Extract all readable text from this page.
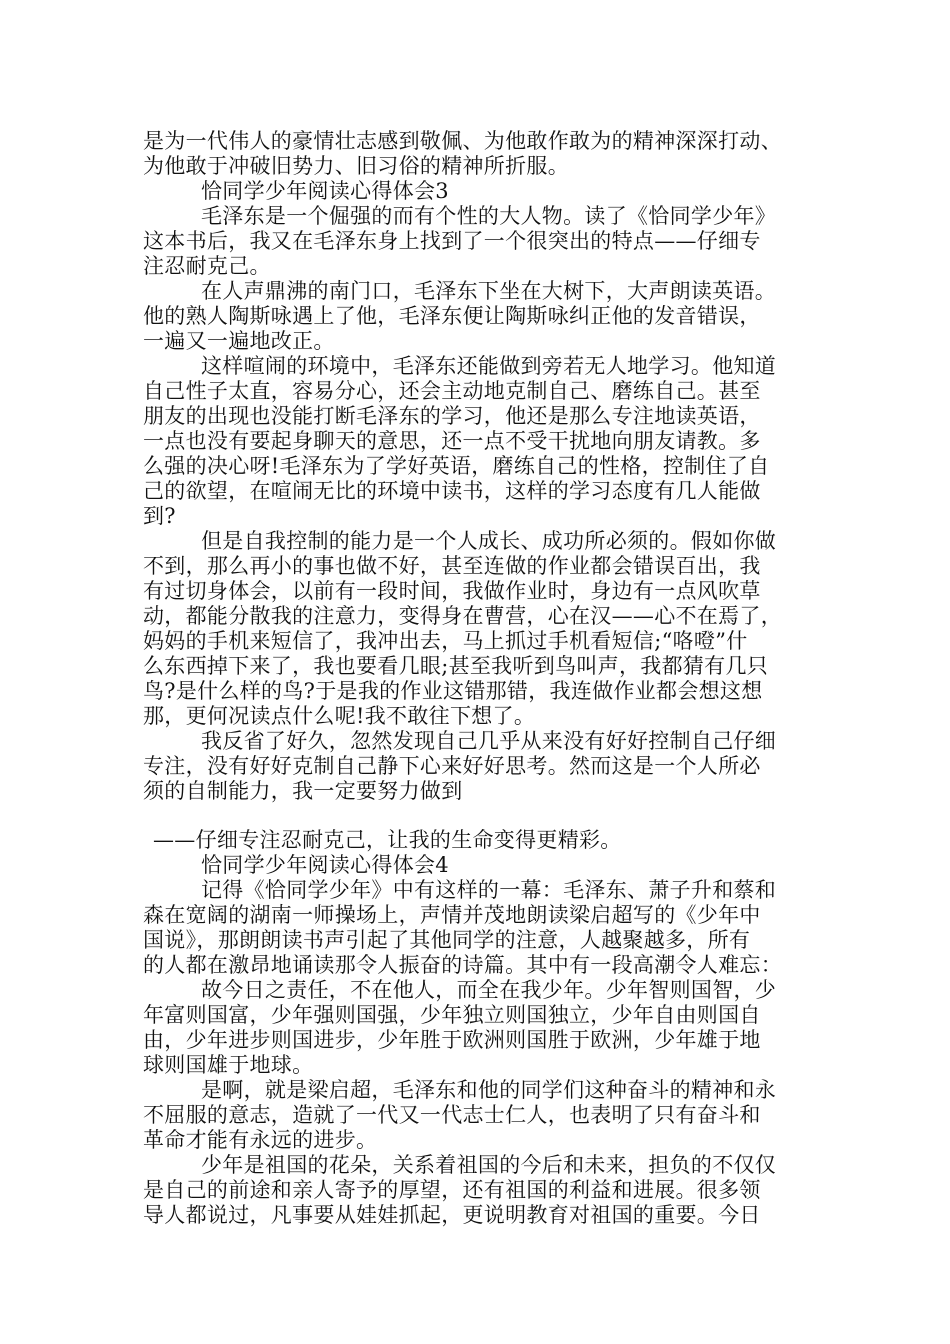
是为一代伟人的豪情壮志感到敬佩、为他敢作敢为的精神深深打动、
为他敢于冲破旧势力、旧习俗的精神所折服。
恰同学少年阅读心得体会3
毛泽东是一个倔强的而有个性的大人物。读了《恰同学少年》
这本书后，我又在毛泽东身上找到了一个很突出的特点——仔细专
注忍耐克己。
在人声鼎沸的南门口，毛泽东下坐在大树下，大声朗读英语。
他的熟人陶斯咏遇上了他，毛泽东便让陶斯咏纠正他的发音错误，
一遍又一遍地改正。
这样喧闹的环境中，毛泽东还能做到旁若无人地学习。他知道
自己性子太直，容易分心，还会主动地克制自己、磨练自己。甚至
朋友的出现也没能打断毛泽东的学习，他还是那么专注地读英语，
一点也没有要起身聊天的意思，还一点不受干扰地向朋友请教。多
么强的决心呀!毛泽东为了学好英语，磨练自己的性格，控制住了自
己的欲望，在喧闹无比的环境中读书，这样的学习态度有几人能做
到?
但是自我控制的能力是一个人成长、成功所必须的。假如你做
不到，那么再小的事也做不好，甚至连做的作业都会错误百出，我
有过切身体会，以前有一段时间，我做作业时，身边有一点风吹草
动，都能分散我的注意力，变得身在曹营，心在汉——心不在焉了，
妈妈的手机来短信了，我冲出去，马上抓过手机看短信;“咯噔”什
么东西掉下来了，我也要看几眼;甚至我听到鸟叫声，我都猜有几只
鸟?是什么样的鸟?于是我的作业这错那错，我连做作业都会想这想
那，更何况读点什么呢!我不敢往下想了。
我反省了好久，忽然发现自己几乎从来没有好好控制自己仔细
专注，没有好好克制自己静下心来好好思考。然而这是一个人所必
须的自制能力，我一定要努力做到
——仔细专注忍耐克己，让我的生命变得更精彩。
恰同学少年阅读心得体会4
记得《恰同学少年》中有这样的一幕：毛泽东、萧子升和蔡和
森在宽阔的湖南一师操场上，声情并茂地朗读梁启超写的《少年中
国说》，那朗朗读书声引起了其他同学的注意，人越聚越多，所有
的人都在激昂地诵读那令人振奋的诗篇。其中有一段高潮令人难忘：
故今日之责任，不在他人，而全在我少年。少年智则国智，少
年富则国富，少年强则国强，少年独立则国独立，少年自由则国自
由，少年进步则国进步，少年胜于欧洲则国胜于欧洲，少年雄于地
球则国雄于地球。
是啊，就是梁启超，毛泽东和他的同学们这种奋斗的精神和永
不屈服的意志，造就了一代又一代志士仁人，也表明了只有奋斗和
革命才能有永远的进步。
少年是祖国的花朵，关系着祖国的今后和未来，担负的不仅仅
是自己的前途和亲人寄予的厚望，还有祖国的利益和进展。很多领
导人都说过，凡事要从娃娃抓起，更说明教育对祖国的重要。今日
